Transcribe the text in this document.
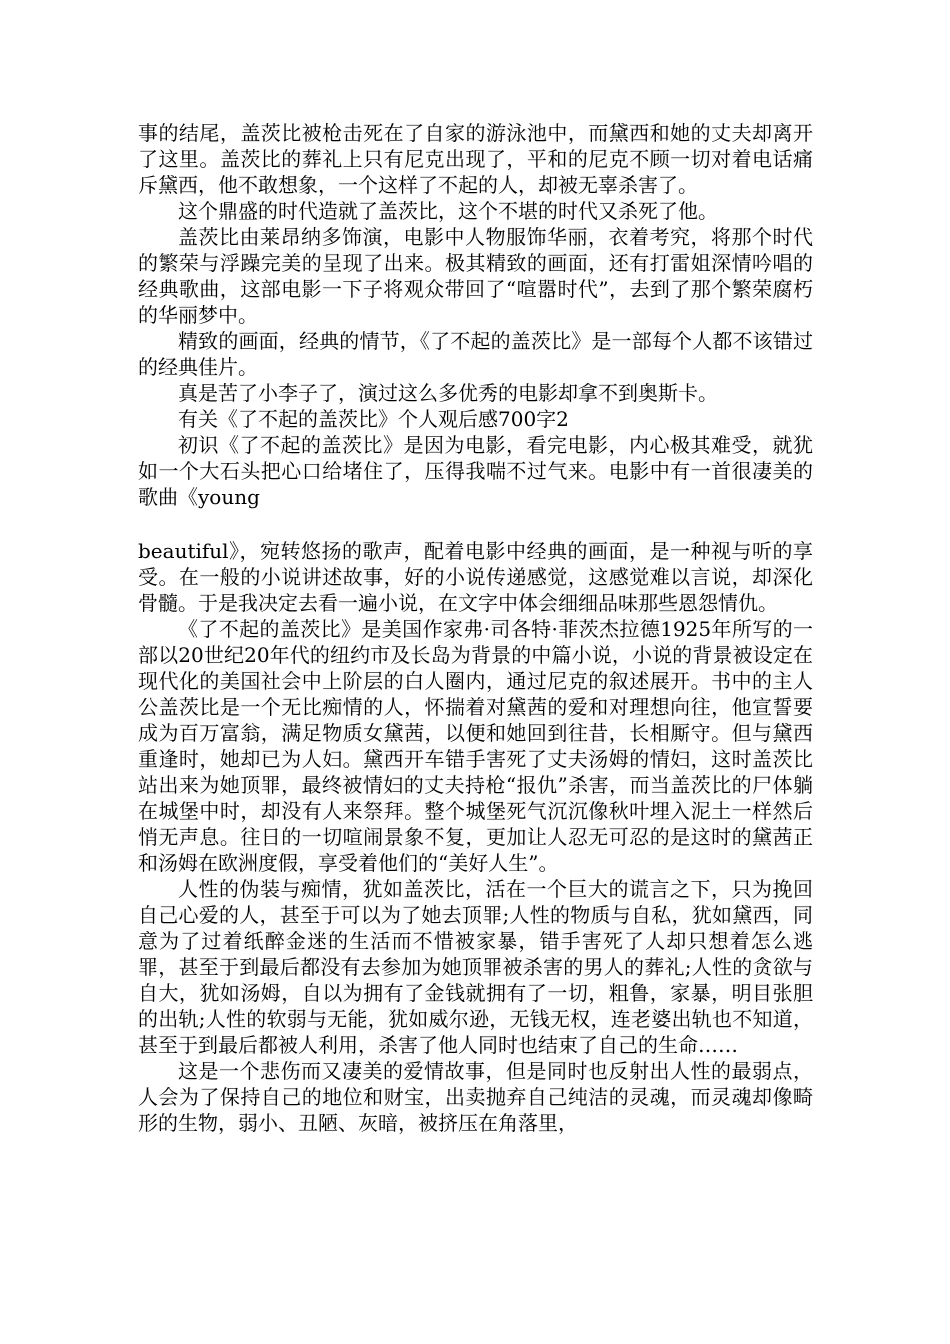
事的结尾，盖茨比被枪击死在了自家的游泳池中，而黛西和她的丈夫却离开了这里。盖茨比的葬礼上只有尼克出现了，平和的尼克不顾一切对着电话痛斥黛西，他不敢想象，一个这样了不起的人，却被无辜杀害了。

这个鼎盛的时代造就了盖茨比，这个不堪的时代又杀死了他。

盖茨比由莱昂纳多饰演，电影中人物服饰华丽，衣着考究，将那个时代的繁荣与浮躁完美的呈现了出来。极其精致的画面，还有打雷姐深情吟唱的经典歌曲，这部电影一下子将观众带回了“喧嚣时代”，去到了那个繁荣腐朽的华丽梦中。

精致的画面，经典的情节，《了不起的盖茨比》是一部每个人都不该错过的经典佳片。

真是苦了小李子了，演过这么多优秀的电影却拿不到奥斯卡。

有关《了不起的盖茨比》个人观后感700字2

初识《了不起的盖茨比》是因为电影，看完电影，内心极其难受，就犹如一个大石头把心口给堵住了，压得我喘不过气来。电影中有一首很凄美的歌曲《young

beautiful》，宛转悠扬的歌声，配着电影中经典的画面，是一种视与听的享受。在一般的小说讲述故事，好的小说传递感觉，这感觉难以言说，却深化骨髓。于是我决定去看一遍小说，在文字中体会细细品味那些恩怨情仇。

《了不起的盖茨比》是美国作家弗·司各特·菲茨杰拉德1925年所写的一部以20世纪20年代的纽约市及长岛为背景的中篇小说，小说的背景被设定在现代化的美国社会中上阶层的白人圈内，通过尼克的叙述展开。书中的主人公盖茨比是一个无比痴情的人，怀揣着对黛茜的爱和对理想向往，他宣誓要成为百万富翁，满足物质女黛茜，以便和她回到往昔，长相厮守。但与黛西重逢时，她却已为人妇。黛西开车错手害死了丈夫汤姆的情妇，这时盖茨比站出来为她顶罪，最终被情妇的丈夫持枪“报仇”杀害，而当盖茨比的尸体躺在城堡中时，却没有人来祭拜。整个城堡死气沉沉像秋叶埋入泥土一样然后悄无声息。往日的一切喧闹景象不复，更加让人忍无可忍的是这时的黛茜正和汤姆在欧洲度假，享受着他们的“美好人生”。

人性的伪装与痴情，犹如盖茨比，活在一个巨大的谎言之下，只为挽回自己心爱的人，甚至于可以为了她去顶罪;人性的物质与自私，犹如黛西，同意为了过着纸醉金迷的生活而不惜被家暴，错手害死了人却只想着怎么逃罪，甚至于到最后都没有去参加为她顶罪被杀害的男人的葬礼;人性的贪欲与自大，犹如汤姆，自以为拥有了金钱就拥有了一切，粗鲁，家暴，明目张胆的出轨;人性的软弱与无能，犹如威尔逊，无钱无权，连老婆出轨也不知道，甚至于到最后都被人利用，杀害了他人同时也结束了自己的生命……

这是一个悲伤而又凄美的爱情故事，但是同时也反射出人性的最弱点，人会为了保持自己的地位和财宝，出卖抛弃自己纯洁的灵魂，而灵魂却像畸形的生物，弱小、丑陋、灰暗，被挤压在角落里，
